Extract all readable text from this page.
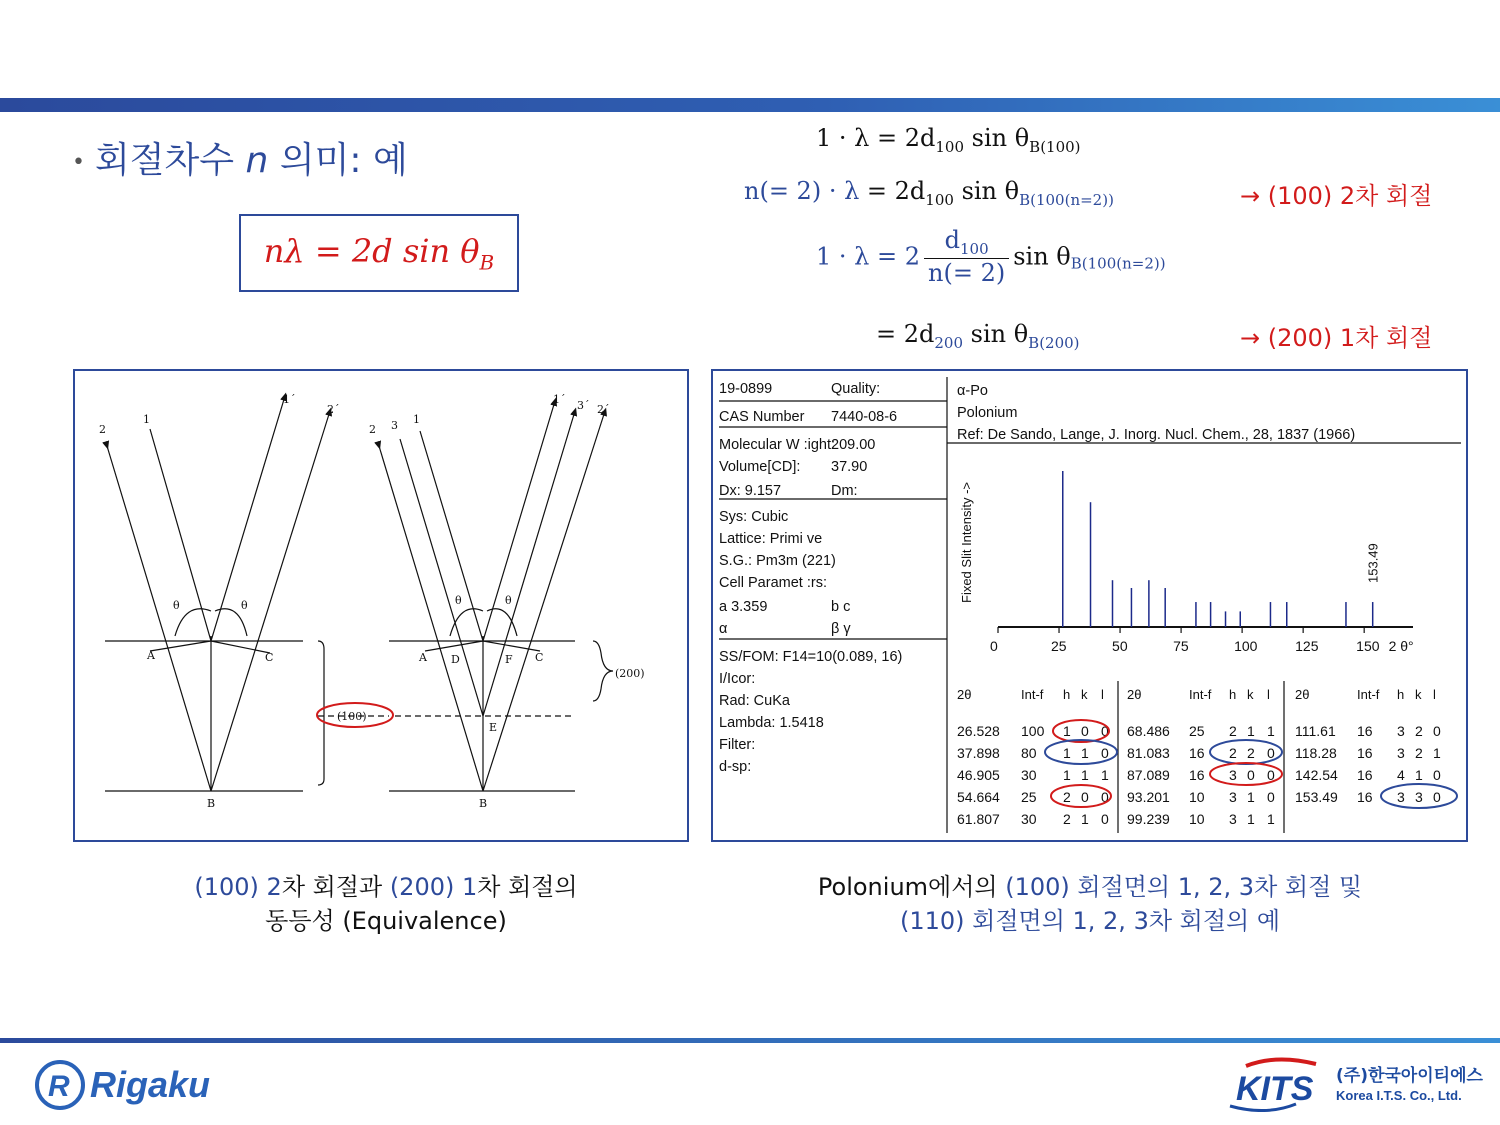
• 회절차수 n 의미: 예
nλ = 2d $\sin \theta_B$
$1 \cdot \lambda = 2d_{100}$ $\sin \theta_{B(100)}$
$n(= 2) \cdot \lambda = 2d_{100}$ $\sin \theta_{B(100(n=2))}$	→ (100) 2차 회절
$1 \cdot \lambda = 2 \frac{d_{100}}{n(= 2)}$ $\sin \theta_{B(100(n=2))}$
= $2d_{200}$ $\sin \theta_{B(200)}$	→ (200) 1차 회절
2
1
1´
2´
θ	θ
A	C
B
2 3 1
1´ 3´ 2´
θ	θ
A D	F C
E
B
(200)
(100)
19-0899	Quality:
CAS Number 7440-08-6
Molecular W :ight:
209.00
Volume[CD]: 37.90
Dx: 9.157	Dm:
Sys: Cubic
Lattice: Primi ve
S.G.: Pm3m (221)
Cell Paramet :rs:
a 3.359	b c
α	β γ
SS/FOM: F14=10(0.089, 16)
I/Icor:
Rad: CuKa
Lambda: 1.5418
Filter:
d-sp:
α-Po
Polonium
Ref: De Sando, Lange, J. Inorg. Nucl. Chem., 28, 1837 (1966)
Fixed Slit Intensity ->
0	25	50	75	100	125	150 2 θ°
153.49
2θ	Int-f h k l
26.528 100 1 0 0
37.898 80 1 1 0
46.905 30 1 1 1
54.664 25 2 0 0
61.807 30 2 1 0
2θ	Int-f h k l
68.486 25 2 1 1
81.083 16 2 2 0
87.089 16 3 0 0
93.201 10 3 1 0
99.239 10 3 1 1
2θ	Int-f h k l
111.61 16 3 2 0
118.28 16 3 2 1
142.54 16 4 1 0
153.49 16 3 3 0
(100) 2차 회절과 (200) 1차 회절의
동등성 (Equivalence)
Polonium에서의 (100) 회절면의 1, 2, 3차 회절 및
(110) 회절면의 1, 2, 3차 회절의 예
R Rigaku	KITS (주)한국아이티에스
Korea I.T.S. Co., Ltd.
